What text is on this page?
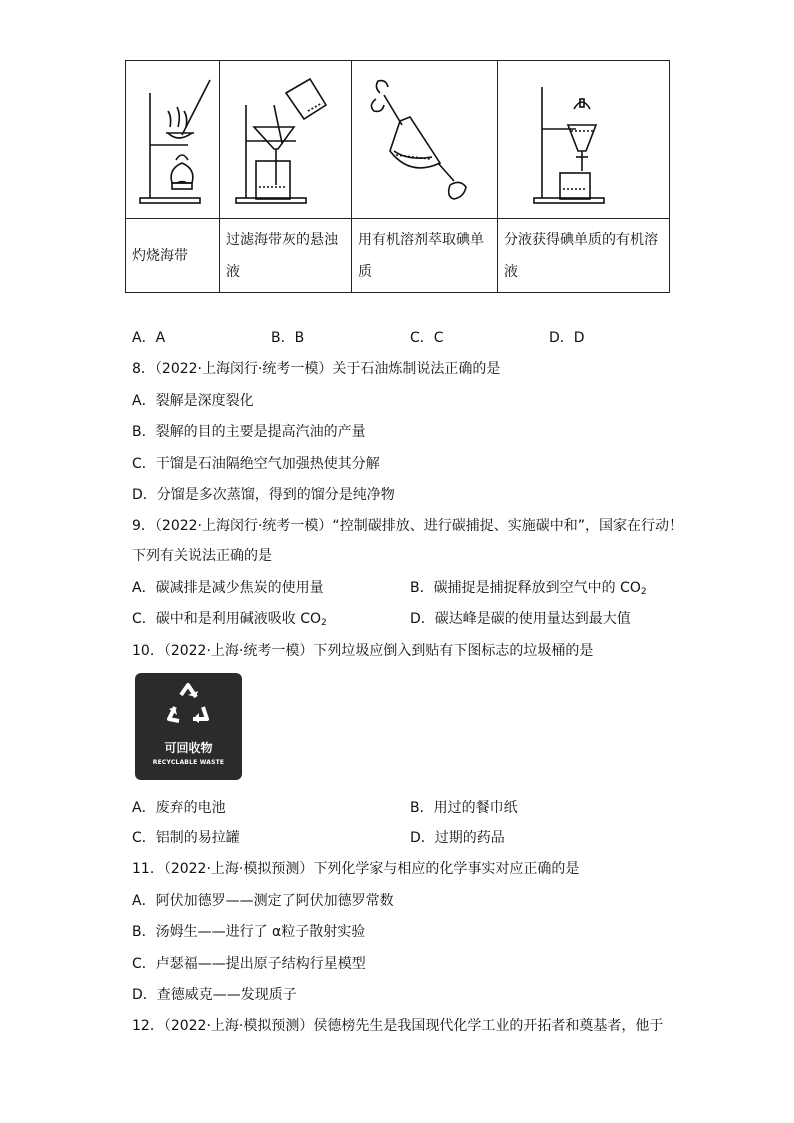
灼烧海带	过滤海带灰的悬浊液	用有机溶剂萃取碘单质	分液获得碘单质的有机溶液
A．A	B．B	C．C	D．D
8．（2022·上海闵行·统考一模）关于石油炼制说法正确的是
A．裂解是深度裂化
B．裂解的目的主要是提高汽油的产量
C．干馏是石油隔绝空气加强热使其分解
D．分馏是多次蒸馏，得到的馏分是纯净物
9．（2022·上海闵行·统考一模）“控制碳排放、进行碳捕捉、实施碳中和”，国家在行动！
下列有关说法正确的是
A．碳减排是减少焦炭的使用量	B．碳捕捉是捕捉释放到空气中的 $CO_2$
C．碳中和是利用碱液吸收 $CO_2$	D．碳达峰是碳的使用量达到最大值
10．（2022·上海·统考一模）下列垃圾应倒入到贴有下图标志的垃圾桶的是
可回收物
RECYCLABLE WASTE
A．废弃的电池	B．用过的餐巾纸
C．铝制的易拉罐	D．过期的药品
11．（2022·上海·模拟预测）下列化学家与相应的化学事实对应正确的是
A．阿伏加德罗——测定了阿伏加德罗常数
B．汤姆生——进行了 α粒子散射实验
C．卢瑟福——提出原子结构行星模型
D．查德威克——发现质子
12．（2022·上海·模拟预测）侯德榜先生是我国现代化学工业的开拓者和奠基者，他于
